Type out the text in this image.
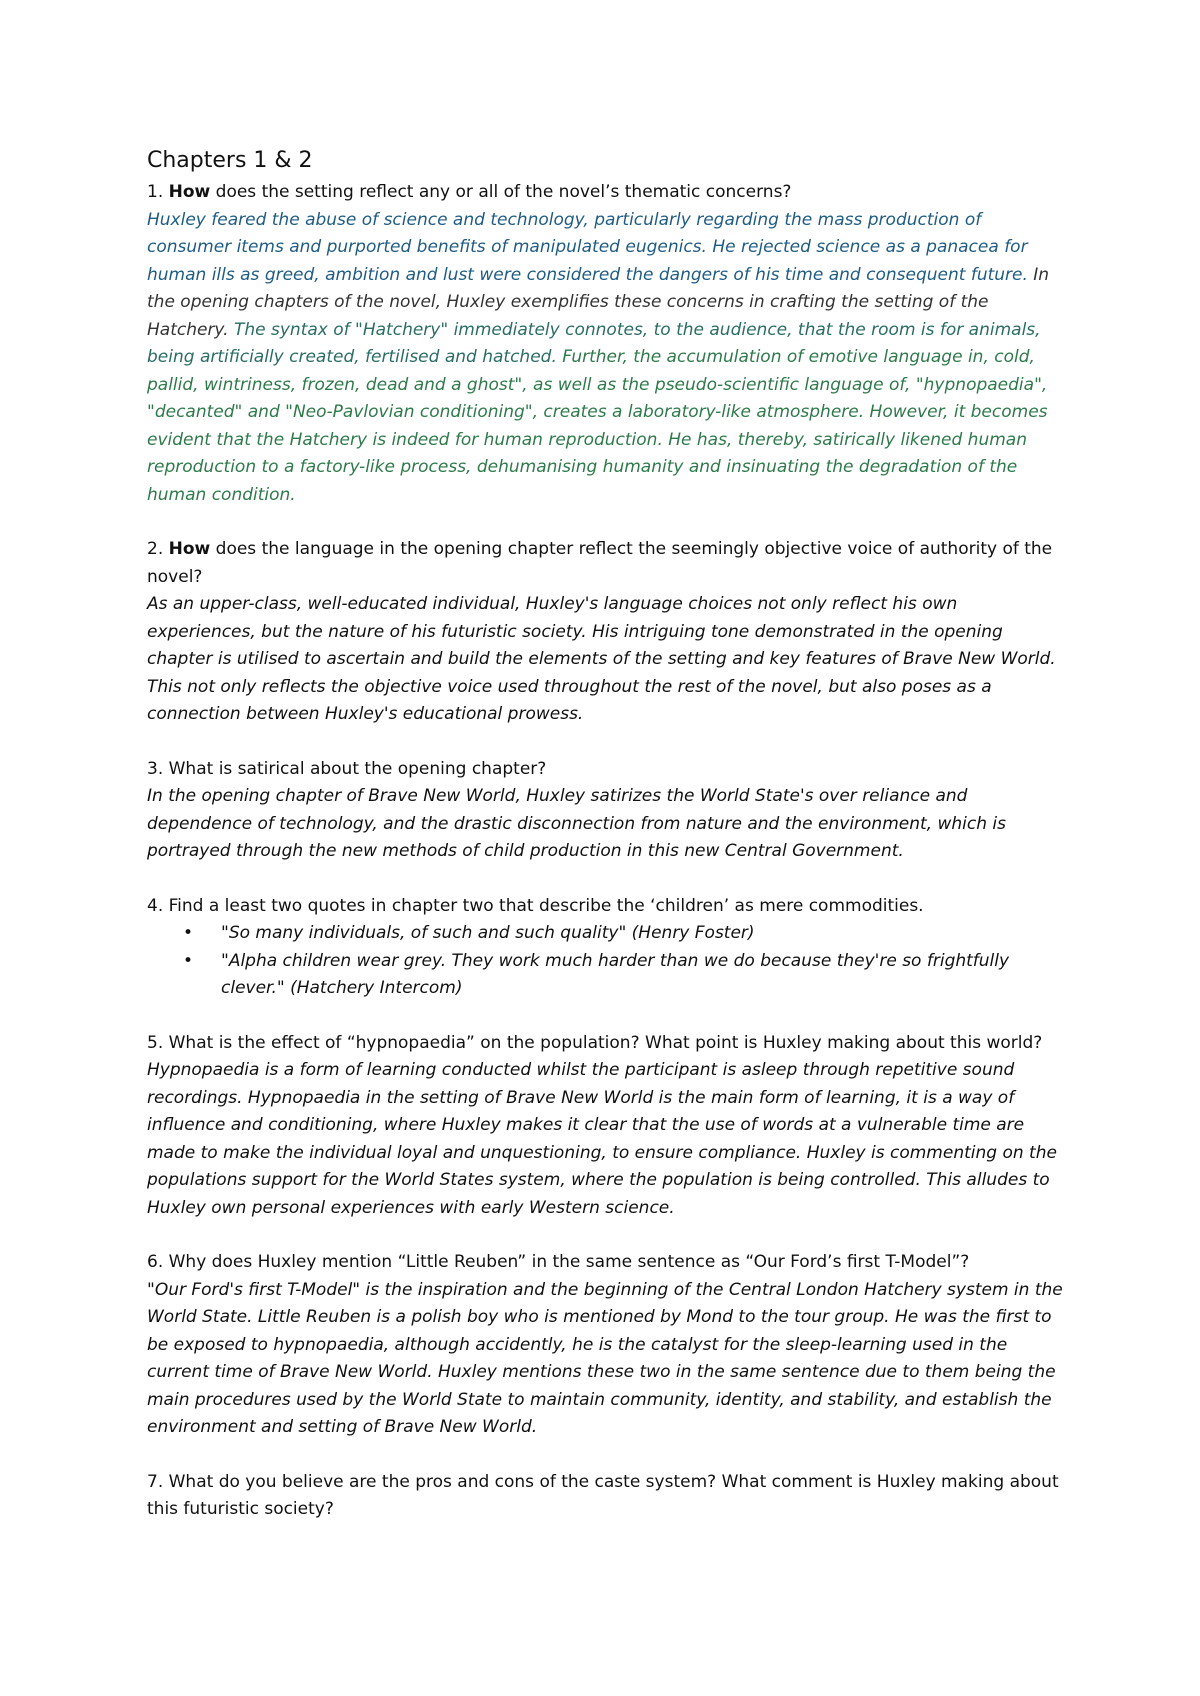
Chapters 1 & 2

1. How does the setting reflect any or all of the novel’s thematic concerns?

Huxley feared the abuse of science and technology, particularly regarding the mass production of consumer items and purported benefits of manipulated eugenics. He rejected science as a panacea for human ills as greed, ambition and lust were considered the dangers of his time and consequent future. In the opening chapters of the novel, Huxley exemplifies these concerns in crafting the setting of the Hatchery. The syntax of "Hatchery" immediately connotes, to the audience, that the room is for animals, being artificially created, fertilised and hatched. Further, the accumulation of emotive language in, cold, pallid, wintriness, frozen, dead and a ghost", as well as the pseudo-scientific language of, "hypnopaedia", "decanted" and "Neo-Pavlovian conditioning", creates a laboratory-like atmosphere. However, it becomes evident that the Hatchery is indeed for human reproduction. He has, thereby, satirically likened human reproduction to a factory-like process, dehumanising humanity and insinuating the degradation of the human condition.

2. How does the language in the opening chapter reflect the seemingly objective voice of authority of the novel?

As an upper-class, well-educated individual, Huxley's language choices not only reflect his own experiences, but the nature of his futuristic society. His intriguing tone demonstrated in the opening chapter is utilised to ascertain and build the elements of the setting and key features of Brave New World. This not only reflects the objective voice used throughout the rest of the novel, but also poses as a connection between Huxley's educational prowess.

3. What is satirical about the opening chapter?

In the opening chapter of Brave New World, Huxley satirizes the World State's over reliance and dependence of technology, and the drastic disconnection from nature and the environment, which is portrayed through the new methods of child production in this new Central Government.

4. Find a least two quotes in chapter two that describe the ‘children’ as mere commodities.

• "So many individuals, of such and such quality" (Henry Foster)
• "Alpha children wear grey. They work much harder than we do because they're so frightfully clever." (Hatchery Intercom)

5. What is the effect of “hypnopaedia” on the population? What point is Huxley making about this world?

Hypnopaedia is a form of learning conducted whilst the participant is asleep through repetitive sound recordings. Hypnopaedia in the setting of Brave New World is the main form of learning, it is a way of influence and conditioning, where Huxley makes it clear that the use of words at a vulnerable time are made to make the individual loyal and unquestioning, to ensure compliance. Huxley is commenting on the populations support for the World States system, where the population is being controlled. This alludes to Huxley own personal experiences with early Western science.

6. Why does Huxley mention “Little Reuben” in the same sentence as “Our Ford’s first T-Model”?

"Our Ford's first T-Model" is the inspiration and the beginning of the Central London Hatchery system in the World State. Little Reuben is a polish boy who is mentioned by Mond to the tour group. He was the first to be exposed to hypnopaedia, although accidently, he is the catalyst for the sleep-learning used in the current time of Brave New World. Huxley mentions these two in the same sentence due to them being the main procedures used by the World State to maintain community, identity, and stability, and establish the environment and setting of Brave New World.

7. What do you believe are the pros and cons of the caste system? What comment is Huxley making about this futuristic society?
